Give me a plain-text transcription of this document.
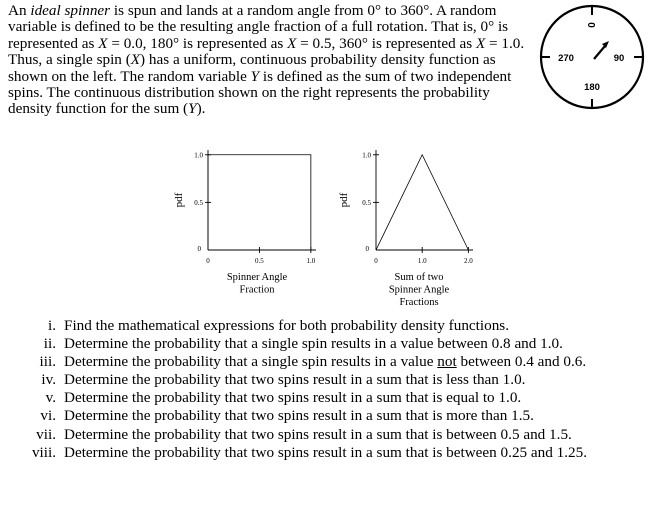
An ideal spinner is spun and lands at a random angle from 0° to 360°. A random variable is defined to be the resulting angle fraction of a full rotation. That is, 0° is represented as X = 0.0, 180° is represented as X = 0.5, 360° is represented as X = 1.0. Thus, a single spin (X) has a uniform, continuous probability density function as shown on the left. The random variable Y is defined as the sum of two independent spins. The continuous distribution shown on the right represents the probability density function for the sum (Y).

0
90
180
270
0.5	1.0
0.5
1.0
0
0
pdf
Spinner Angle
Fraction
1.0	2.0
0.5
1.0
0
0
pdf
Sum of two
Spinner Angle
Fractions
i. Find the mathematical expressions for both probability density functions.
ii. Determine the probability that a single spin results in a value between 0.8 and 1.0.
iii. Determine the probability that a single spin results in a value not between 0.4 and 0.6.
iv. Determine the probability that two spins result in a sum that is less than 1.0.
v. Determine the probability that two spins result in a sum that is equal to 1.0.
vi. Determine the probability that two spins result in a sum that is more than 1.5.
vii. Determine the probability that two spins result in a sum that is between 0.5 and 1.5.
viii. Determine the probability that two spins result in a sum that is between 0.25 and 1.25.
